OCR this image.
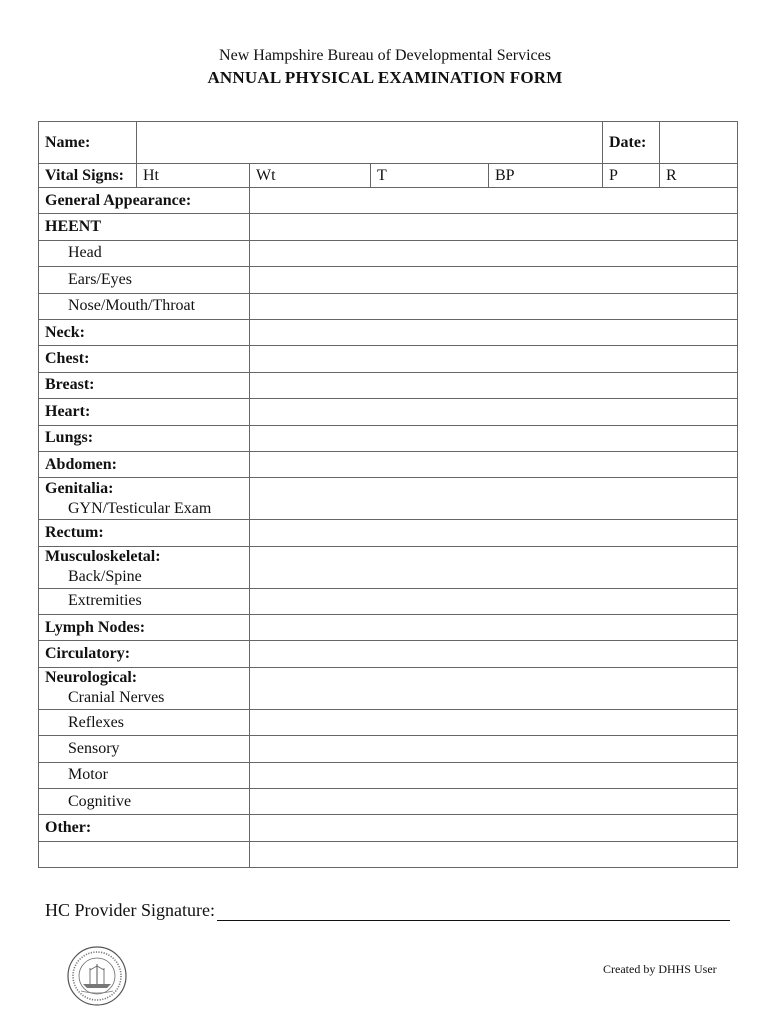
New Hampshire Bureau of Developmental Services
ANNUAL PHYSICAL EXAMINATION FORM
Name:					Date:	
Vital Signs:	Ht	Wt	T	BP	P	R
General Appearance:						
HEENT						
Head						
Ears/Eyes						
Nose/Mouth/Throat						
Neck:						
Chest:						
Breast:						
Heart:						
Lungs:						
Abdomen:						

Genitalia:
GYN/Testicular Exam						

Rectum:						

Musculoskeletal:
Back/Spine						

Extremities						
Lymph Nodes:						
Circulatory:						

Neurological:
Cranial Nerves						

Reflexes						
Sensory						
Motor						
Cognitive						
Other:						

HC Provider Signature:
Created by DHHS User
